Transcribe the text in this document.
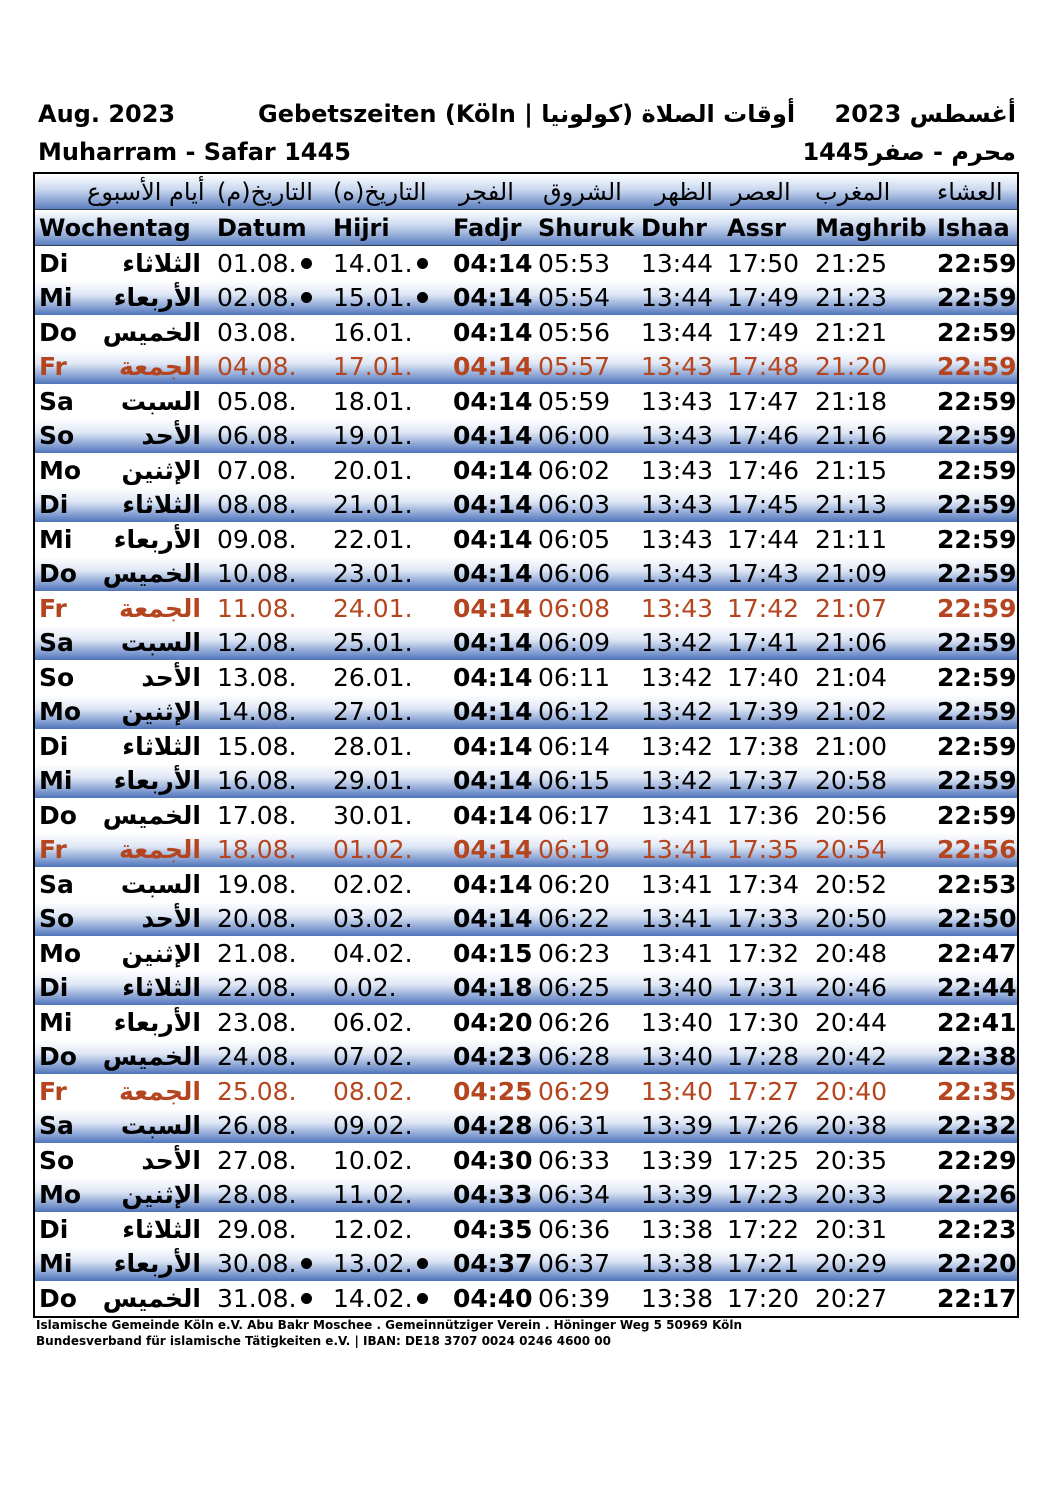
Aug. 2023	Gebetszeiten (Köln | كولونيا) أوقات الصلاة أغسطس 2023
Muharram - Safar 1445	محرم - صفر1445
أيام الأسبوع التاريخ(م) التاريخ(ه) الفجر الشروق الظهر العصر المغرب العشاء
Wochentag Datum Hijri	Fadjr Shuruk Duhr Assr Maghrib Ishaa
Di الثلاثاء 01.08. 14.01. 04:14 05:53 13:44 17:50 21:25 22:59
Mi الأربعاء 02.08. 15.01. 04:14 05:54 13:44 17:49 21:23 22:59
Do الخميس 03.08. 16.01. 04:14 05:56 13:44 17:49 21:21 22:59
Fr الجمعة 04.08. 17.01. 04:14 05:57 13:43 17:48 21:20 22:59
Sa السبت 05.08. 18.01. 04:14 05:59 13:43 17:47 21:18 22:59
So	الأحد 06.08. 19.01. 04:14 06:00 13:43 17:46 21:16 22:59
Mo الإثنين 07.08. 20.01. 04:14 06:02 13:43 17:46 21:15 22:59
Di الثلاثاء 08.08. 21.01. 04:14 06:03 13:43 17:45 21:13 22:59
Mi الأربعاء 09.08. 22.01. 04:14 06:05 13:43 17:44 21:11 22:59
Do الخميس 10.08. 23.01. 04:14 06:06 13:43 17:43 21:09 22:59
Fr الجمعة 11.08. 24.01. 04:14 06:08 13:43 17:42 21:07 22:59
Sa السبت 12.08. 25.01. 04:14 06:09 13:42 17:41 21:06 22:59
So	الأحد 13.08. 26.01. 04:14 06:11 13:42 17:40 21:04 22:59
Mo الإثنين 14.08. 27.01. 04:14 06:12 13:42 17:39 21:02 22:59
Di الثلاثاء 15.08. 28.01. 04:14 06:14 13:42 17:38 21:00 22:59
Mi الأربعاء 16.08. 29.01. 04:14 06:15 13:42 17:37 20:58 22:59
Do الخميس 17.08. 30.01. 04:14 06:17 13:41 17:36 20:56 22:59
Fr الجمعة 18.08. 01.02. 04:14 06:19 13:41 17:35 20:54 22:56
Sa السبت 19.08. 02.02. 04:14 06:20 13:41 17:34 20:52 22:53
So	الأحد 20.08. 03.02. 04:14 06:22 13:41 17:33 20:50 22:50
Mo الإثنين 21.08. 04.02. 04:15 06:23 13:41 17:32 20:48 22:47
Di الثلاثاء 22.08. 0.02. 04:18 06:25 13:40 17:31 20:46 22:44
Mi الأربعاء 23.08. 06.02. 04:20 06:26 13:40 17:30 20:44 22:41
Do الخميس 24.08. 07.02. 04:23 06:28 13:40 17:28 20:42 22:38
Fr الجمعة 25.08. 08.02. 04:25 06:29 13:40 17:27 20:40 22:35
Sa السبت 26.08. 09.02. 04:28 06:31 13:39 17:26 20:38 22:32
So	الأحد 27.08. 10.02. 04:30 06:33 13:39 17:25 20:35 22:29
Mo الإثنين 28.08. 11.02. 04:33 06:34 13:39 17:23 20:33 22:26
Di الثلاثاء 29.08. 12.02. 04:35 06:36 13:38 17:22 20:31 22:23
Mi الأربعاء 30.08. 13.02. 04:37 06:37 13:38 17:21 20:29 22:20
Do الخميس 31.08. 14.02. 04:40 06:39 13:38 17:20 20:27 22:17
Islamische Gemeinde Köln e.V. Abu Bakr Moschee . Gemeinnütziger Verein . Höninger Weg 5 50969 Köln
Bundesverband für islamische Tätigkeiten e.V. | IBAN: DE18 3707 0024 0246 4600 00
